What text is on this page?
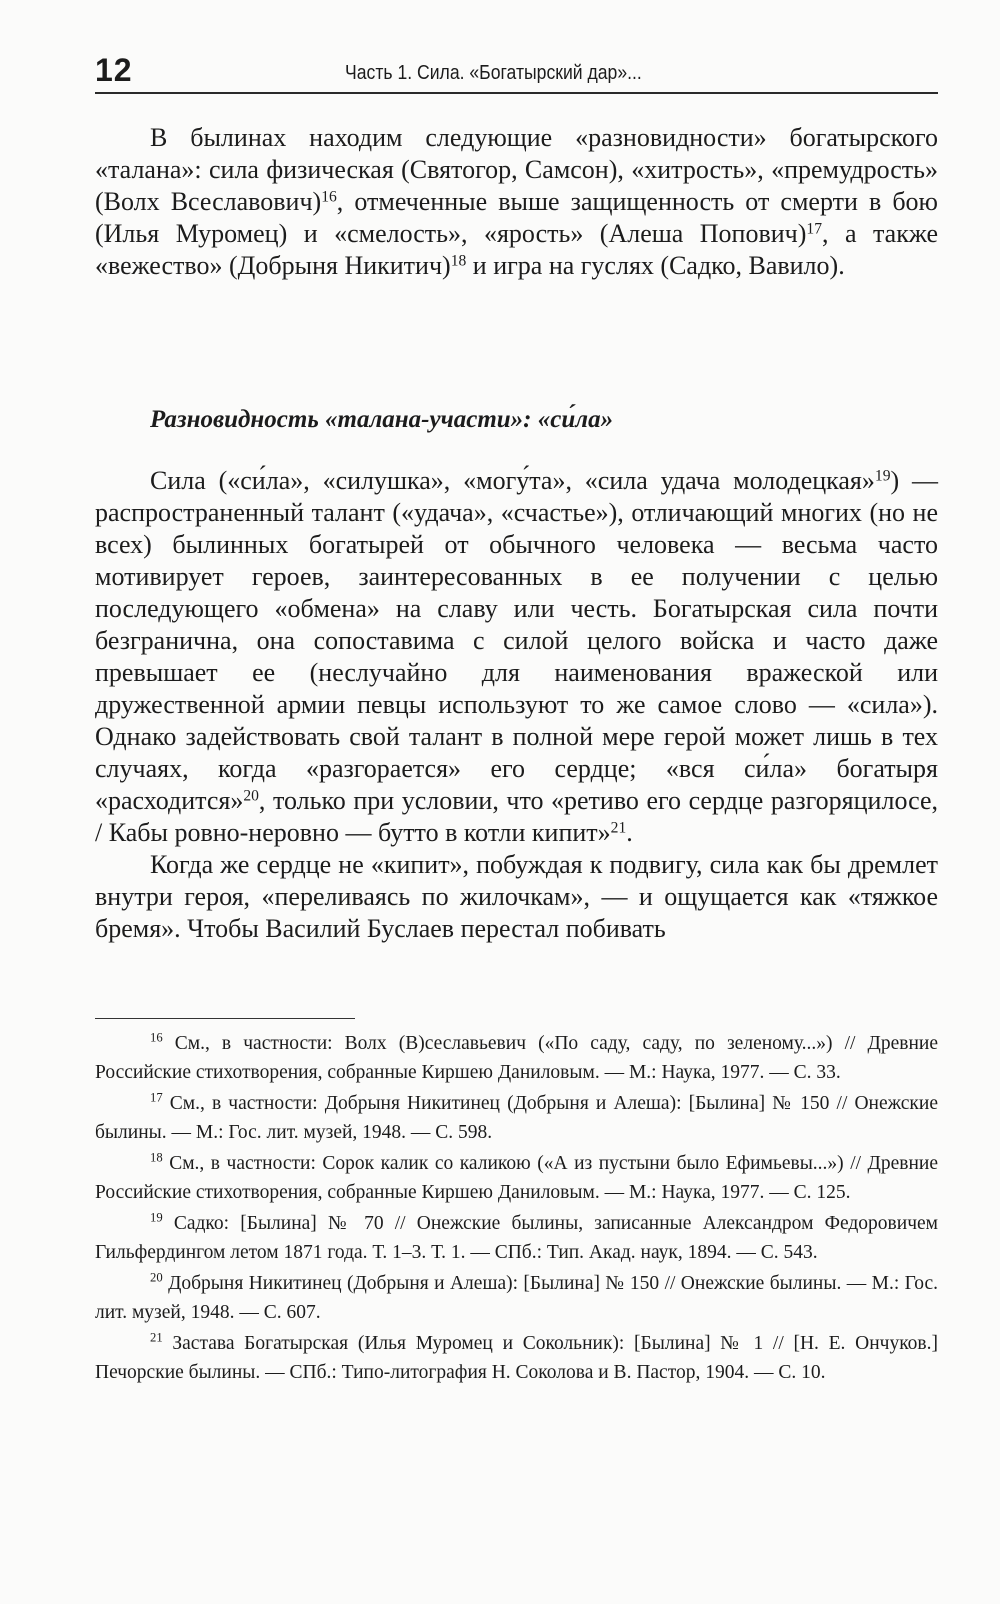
12	Часть 1. Сила. «Богатырский дар»...

В былинах находим следующие «разновидности» богатырского «талана»: сила физическая (Святогор, Самсон), «хитрость», «премудрость» (Волх Всеславович)$^{16}$, отмеченные выше защищенность от смерти в бою (Илья Муромец) и «смелость», «ярость» (Алеша Попович)$^{17}$, а также «вежество» (Добрыня Никитич)$^{18}$ и игра на гуслях (Садко, Вавило).

Разновидность «талана-участи»: «си́ла»

Сила («си́ла», «силушка», «могу́та», «сила удача молодецкая»$^{19}$) — распространенный талант («удача», «счастье»), отличающий многих (но не всех) былинных богатырей от обычного человека — весьма часто мотивирует героев, заинтересованных в ее получении с целью последующего «обмена» на славу или честь. Богатырская сила почти безгранична, она сопоставима с силой целого войска и часто даже превышает ее (неслучайно для наименования вражеской или дружественной армии певцы используют то же самое слово — «сила»). Однако задействовать свой талант в полной мере герой может лишь в тех случаях, когда «разгорается» его сердце; «вся си́ла» богатыря «расходится»$^{20}$, только при условии, что «ретиво его сердце разгоряцилосе, / Кабы ровно-неровно — бутто в котли кипит»$^{21}$.

Когда же сердце не «кипит», побуждая к подвигу, сила как бы дремлет внутри героя, «переливаясь по жилочкам», — и ощущается как «тяжкое бремя». Чтобы Василий Буслаев перестал побивать

$^{16}$ См., в частности: Волх (В)сеславьевич («По саду, саду, по зеленому...») // Древние Российские стихотворения, собранные Киршею Даниловым. — М.: Наука, 1977. — С. 33.

$^{17}$ См., в частности: Добрыня Никитинец (Добрыня и Алеша): [Былина] № 150 // Онежские былины. — М.: Гос. лит. музей, 1948. — С. 598.

$^{18}$ См., в частности: Сорок калик со каликою («А из пустыни было Ефимьевы...») // Древние Российские стихотворения, собранные Киршею Даниловым. — М.: Наука, 1977. — С. 125.

$^{19}$ Садко: [Былина] № 70 // Онежские былины, записанные Александром Федоровичем Гильфердингом летом 1871 года. Т. 1–3. Т. 1. — СПб.: Тип. Акад. наук, 1894. — С. 543.

$^{20}$ Добрыня Никитинец (Добрыня и Алеша): [Былина] № 150 // Онежские былины. — М.: Гос. лит. музей, 1948. — С. 607.

$^{21}$ Застава Богатырская (Илья Муромец и Сокольник): [Былина] № 1 // [Н. Е. Ончуков.] Печорские былины. — СПб.: Типо-литография Н. Соколова и В. Пастор, 1904. — С. 10.
